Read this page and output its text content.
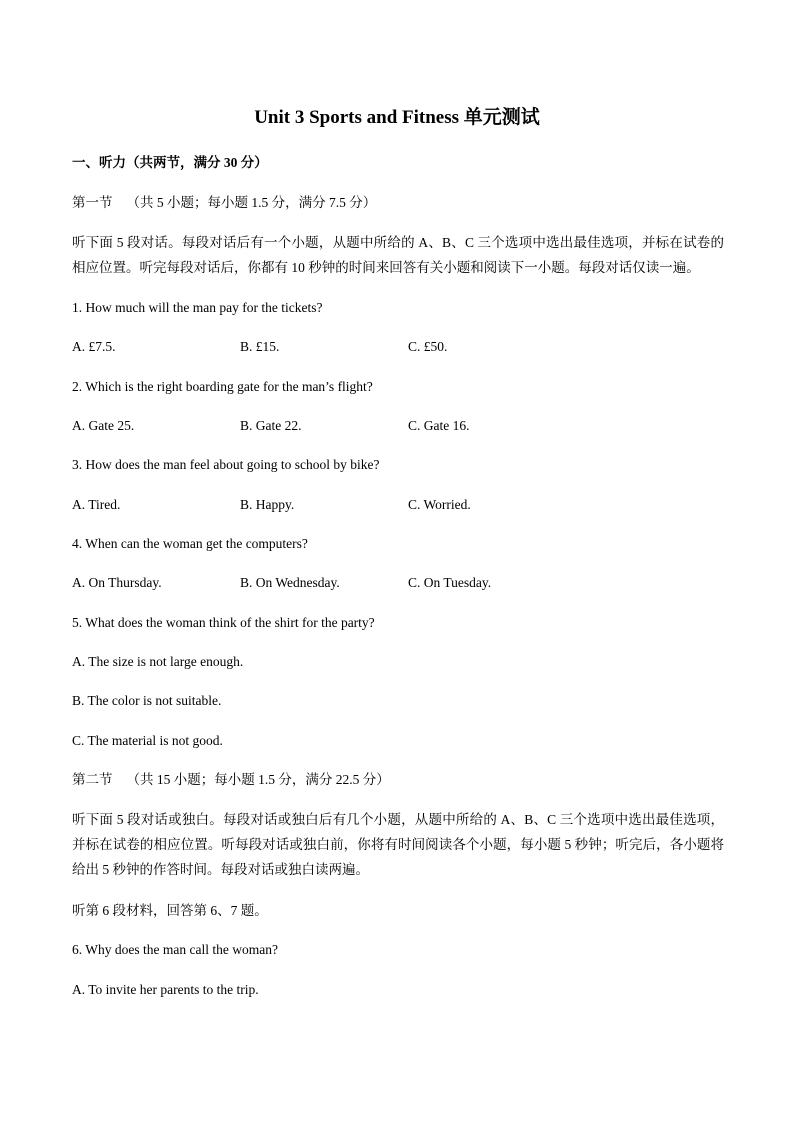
Unit 3 Sports and Fitness 单元测试
一、听力（共两节，满分 30 分）
第一节 （共 5 小题；每小题 1.5 分，满分 7.5 分）
听下面 5 段对话。每段对话后有一个小题，从题中所给的 A、B、C 三个选项中选出最佳选项，并标在试卷的相应位置。听完每段对话后，你都有 10 秒钟的时间来回答有关小题和阅读下一小题。每段对话仅读一遍。
1. How much will the man pay for the tickets?
A. £7.5.	B. £15.	C. £50.
2. Which is the right boarding gate for the man’s flight?
A. Gate 25.	B. Gate 22.	C. Gate 16.
3. How does the man feel about going to school by bike?
A. Tired.	B. Happy.	C. Worried.
4. When can the woman get the computers?
A. On Thursday.	B. On Wednesday.	C. On Tuesday.
5. What does the woman think of the shirt for the party?
A. The size is not large enough.
B. The color is not suitable.
C. The material is not good.
第二节 （共 15 小题；每小题 1.5 分，满分 22.5 分）
听下面 5 段对话或独白。每段对话或独白后有几个小题，从题中所给的 A、B、C 三个选项中选出最佳选项，并标在试卷的相应位置。听每段对话或独白前，你将有时间阅读各个小题，每小题 5 秒钟；听完后，各小题将给出 5 秒钟的作答时间。每段对话或独白读两遍。
听第 6 段材料，回答第 6、7 题。
6. Why does the man call the woman?
A. To invite her parents to the trip.
